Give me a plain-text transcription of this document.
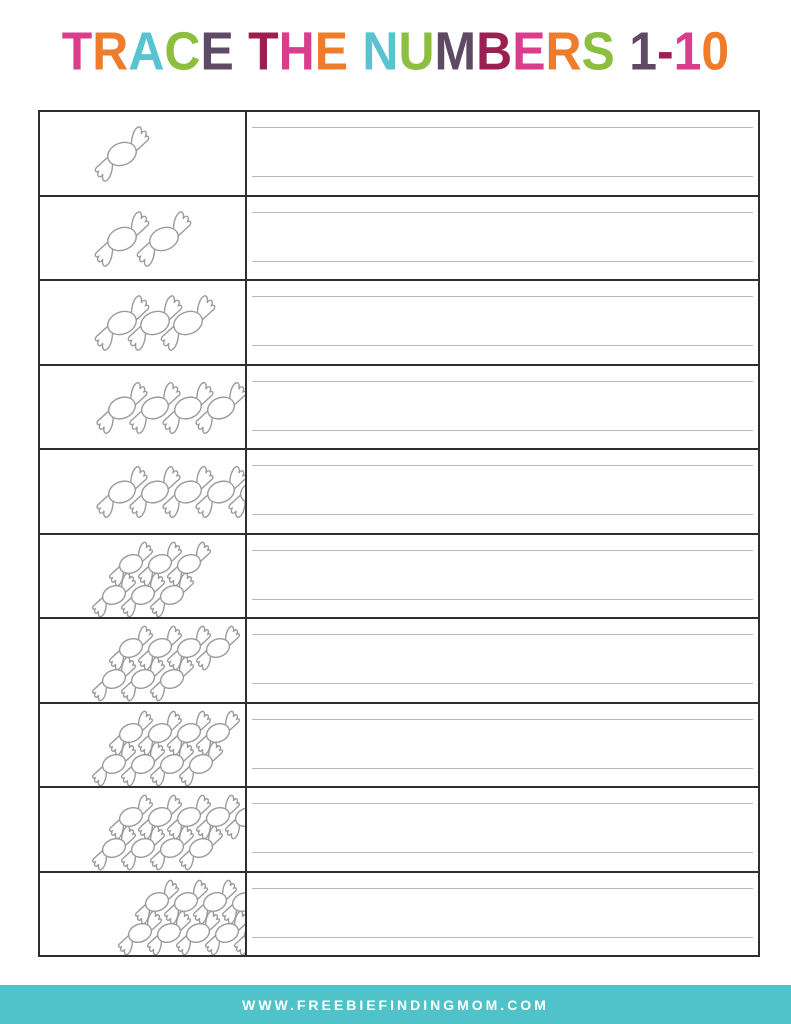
TRACE THE NUMBERS 1-10
WWW.FREEBIEFINDINGMOM.COM
